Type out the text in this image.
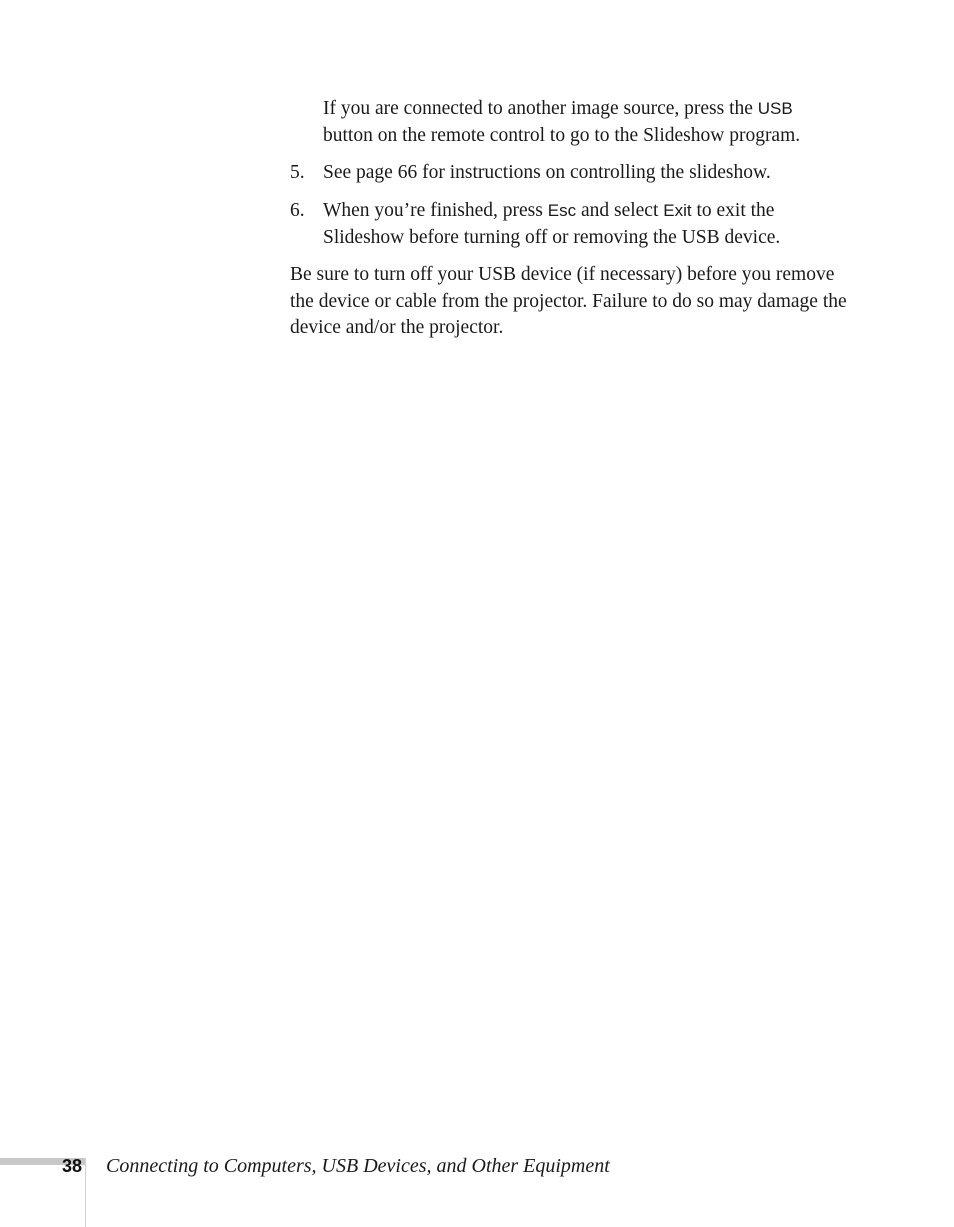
If you are connected to another image source, press the USB button on the remote control to go to the Slideshow program.

5. See page 66 for instructions on controlling the slideshow.
6. When you’re finished, press Esc and select Exit to exit the Slideshow before turning off or removing the USB device.

Be sure to turn off your USB device (if necessary) before you remove the device or cable from the projector. Failure to do so may damage the device and/or the projector.

38 Connecting to Computers, USB Devices, and Other Equipment
